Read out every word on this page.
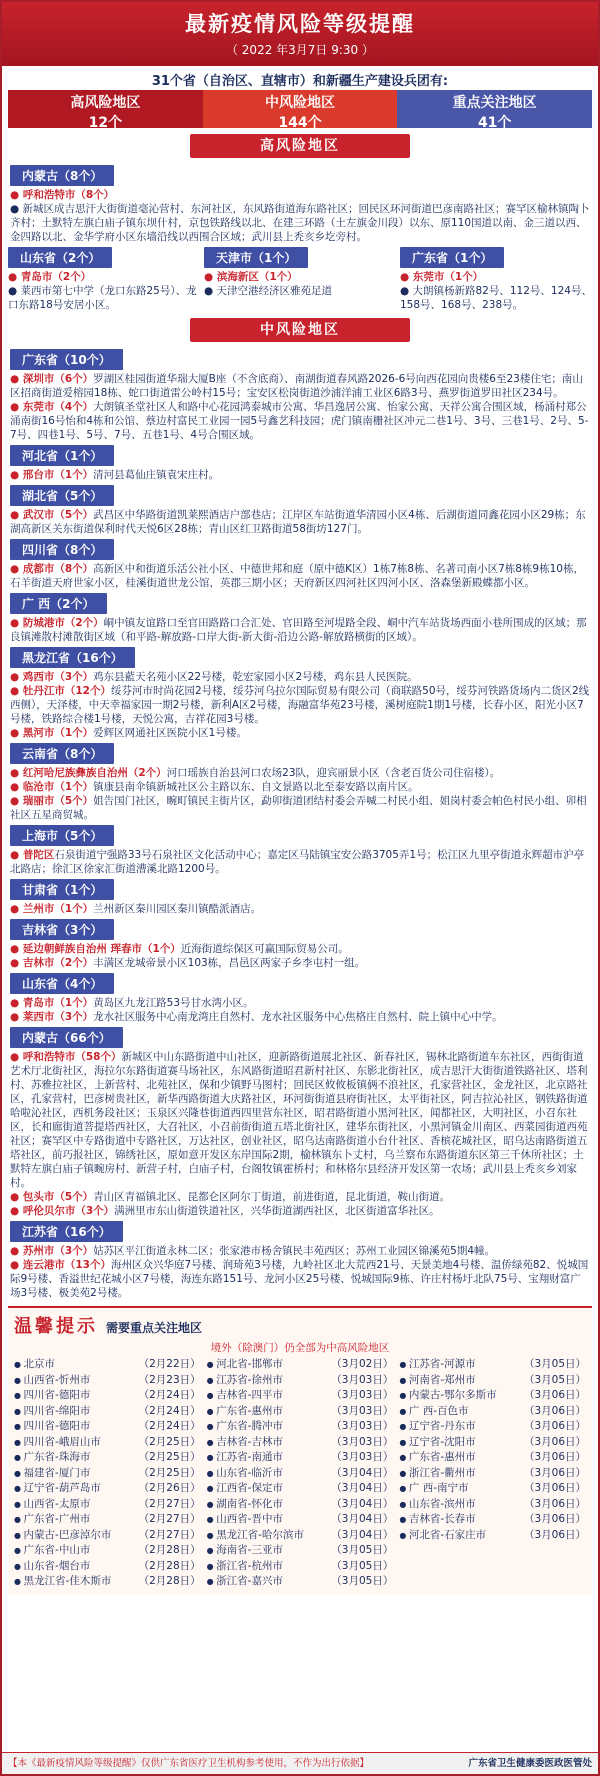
最新疫情风险等级提醒
（ 2022 年3月7日 9:30 ）
31个省（自治区、直辖市）和新疆生产建设兵团有:
高风险地区
12个
中风险地区
144个
重点关注地区
41个
高风险地区
内蒙古（8个）
● 呼和浩特市（8个）
● 新城区成吉思汗大街街道毫沁营村、东河社区，东风路街道海东路社区；回民区环河街道巴彦南路社区；赛罕区榆林镇陶卜齐村；土默特左旗白庙子镇东坝什村，京包铁路线以北、在建三环路（土左旗金川段）以东、原110国道以南、金三道以西、金四路以北、金华学府小区东墙沿线以西围合区域；武川县上秃亥乡圪旁村。
山东省（2个）
● 青岛市（2个）
● 莱西市第七中学（龙口东路25号）、龙口东路18号安居小区。
天津市（1个）
● 滨海新区（1个）
● 天津空港经济区雅苑足道
广东省（1个）
● 东莞市（1个）
● 大朗镇杨新路82号、112号、124号、158号、168号、238号。
中风险地区
广东省（10个）
● 深圳市（6个）罗湖区桂园街道华瑞大厦B座（不含底商）、南湖街道春风路2026-6号向西花园向贵楼6至23楼住宅；南山区招商街道爱榕园18栋、蛇口街道雷公岭村15号；宝安区松岗街道沙浦洋浦工业区6路3号、燕罗街道罗田社区234号。
● 东莞市（4个）大朗镇圣堂社区人和路中心花园鸿泰城市公寓、华昌逸居公寓、怡家公寓、天祥公寓合围区域，杨涌村郑公涌南街16号怡和4栋和公馆、蔡边村富民工业园一园5号鑫艺科技园；虎门镇南栅社区冲元二巷1号、3号、三巷1号、2号、5-7号、四巷1号、5号、7号、五巷1号、4号合围区域。
河北省（1个）
● 邢台市（1个）清河县葛仙庄镇袁宋庄村。
湖北省（5个）
● 武汉市（5个）武昌区中华路街道凯莱熙酒店户部巷店；江岸区车站街道华清园小区4栋、后湖街道同鑫花园小区29栋；东湖高新区关东街道保利时代天悦6区28栋；青山区红卫路街道58街坊127门。
四川省（8个）
● 成都市（8个）高新区中和街道乐活公社小区、中德世邦和庭（原中德K区）1栋7栋8栋、名著司南小区7栋8栋9栋10栋，石羊街道天府世家小区，桂溪街道世龙公馆，英郡三期小区；天府新区四河社区四河小区、洛森堡新殿蝶都小区。
广 西（2个）
● 防城港市（2个）峒中镇友谊路口至官田路路口合汇处、官田路至河堤路全段、峒中汽车站货场西面小巷所围成的区域；那良镇滩散村滩散街区域（和平路-解放路-口岸大街-新大街-沿边公路-解放路横街的区域）。
黑龙江省（16个）
● 鸡西市（3个）鸡东县藍天名苑小区22号楼，乾宏家园小区2号楼，鸡东县人民医院。
● 牡丹江市（12个）绥芬河市时尚花园2号楼，绥芬河乌拉尔国际贸易有限公司（商联路50号，绥芬河铁路货场内二货区2线西侧），天泽楼，中天幸福家园一期2号楼，新利A区2号楼，海融富华苑23号楼，溪树庭院1期1号楼，长春小区，阳光小区7号楼，铁路综合楼1号楼，天悦公寓，吉祥花园3号楼。
● 黑河市（1个）爱辉区网通社区医院小区1号楼。
云南省（8个）
● 红河哈尼族彝族自治州（2个）河口瑶族自治县河口农场23队，迎宾丽景小区（含老百货公司住宿楼）。
● 临沧市（1个）镇康县南伞镇新城社区公主路以东、自文景路以北至泰安路以南片区。
● 瑞丽市（5个）姐告国门社区，畹町镇民主街片区，勐卯街道团结村委会弄喊二村民小组、姐岗村委会帕色村民小组、卯相社区五星商贸城。
上海市（5个）
● 普陀区石泉街道宁强路33号石泉社区文化活动中心；嘉定区马陆镇宝安公路3705弄1号；松江区九里亭街道永辉超市沪亭北路店；徐汇区徐家汇街道漕溪北路1200号。
甘肃省（1个）
● 兰州市（1个）兰州新区秦川园区秦川镇酷派酒店。
吉林省（3个）
● 延边朝鲜族自治州 珲春市（1个）近海街道综保区可赢国际贸易公司。
● 吉林市（2个）丰满区龙城帝景小区103栋，昌邑区两家子乡李屯村一组。
山东省（4个）
● 青岛市（1个）黄岛区九龙江路53号甘水湾小区。
● 莱西市（3个）龙水社区服务中心南龙湾庄自然村、龙水社区服务中心焦格庄自然村、院上镇中心中学。
内蒙古（66个）
● 呼和浩特市（58个）新城区中山东路街道中山社区，迎新路街道展北社区、新春社区，锡林北路街道车东社区，西街街道艺术厅北街社区，海拉尔东路街道赛马场社区，东风路街道昭君新村社区、东影北街社区，成吉思汗大街街道铁路社区、塔利村、苏雅拉社区，上新营村、北苑社区，保和少镇野马图村；回民区攸攸板镇俩不浪社区，孔家营社区，金龙社区，北京路社区，孔家营村，巴彦树贵社区，新华西路街道大庆路社区，环河街街道县府街社区，太平街社区，阿吉拉沁社区，钢铁路街道哈啦沁社区，西机务段社区；玉泉区兴隆巷街道西四里营东社区，昭君路街道小黑河社区，闻都社区，大明社区，小召东社区，长和廊街道菩提塔西社区，大召社区，小召前街街道五塔北街社区，建华东街社区，小黑河镇金川南区、西菜园街道西苑社区；赛罕区中专路街道中专路社区，万达社区，创业社区，昭乌达南路街道小台什社区、香槟花城社区，昭乌达南路街道五塔社区，前巧报社区，锦绣社区，原如意开发区东岸国际2期，榆林镇东卜丈村，乌兰察布东路街道东区第三千休所社区；土默特左旗白庙子镇畹房村、新营子村，白庙子村，台阁牧镇霍桥村；和林格尔县经济开发区第一农场；武川县上秃亥乡刘家村。
● 包头市（5个）青山区青福镇北区、昆都仑区阿尔丁街道，前进街道，昆北街道，鞍山街道。
● 呼伦贝尔市（3个）满洲里市东山街道铁道社区，兴华街道湖西社区，北区街道富华社区。
江苏省（16个）
● 苏州市（3个）姑苏区平江街道永林二区；张家港市杨舍镇民丰苑西区；苏州工业园区锦溪苑5期4幢。
● 连云港市（13个）海州区众兴华庭7号楼、润琦苑3号楼，九岭社区北大荒西21号、天景美地4号楼、温侨绿苑82、悦城国际9号楼、香溢世纪花城小区7号楼，海连东路151号、龙河小区25号楼、悦城国际9栋、许庄村杨圩北队75号、宝翔财富广场3号楼、极美苑2号楼。
温馨提示 需要重点关注地区
境外（除澳门）仍全部为中高风险地区
● 北京市	（2月22日）
● 山西省-忻州市	（2月23日）
● 四川省-德阳市	（2月24日）
● 四川省-绵阳市	（2月24日）
● 四川省-德阳市	（2月24日）
● 四川省-峨眉山市	（2月25日）
● 广东省-珠海市	（2月25日）
● 福建省-厦门市	（2月25日）
● 辽宁省-葫芦岛市	（2月26日）
● 山西省-太原市	（2月27日）
● 广东省-广州市	（2月27日）
● 内蒙古-巴彦淖尔市	（2月27日）
● 广东省-中山市	（2月28日）
● 山东省-烟台市	（2月28日）
● 黑龙江省-佳木斯市	（2月28日）
● 河北省-邯郸市	（3月02日）
● 江苏省-徐州市	（3月03日）
● 吉林省-四平市	（3月03日）
● 广东省-惠州市	（3月03日）
● 广东省-腾冲市	（3月03日）
● 吉林省-吉林市	（3月03日）
● 江苏省-南通市	（3月03日）
● 山东省-临沂市	（3月04日）
● 江西省-保定市	（3月04日）
● 湖南省-怀化市	（3月04日）
● 山西省-晋中市	（3月04日）
● 黑龙江省-哈尔滨市	（3月04日）
● 海南省-三亚市	（3月05日）
● 浙江省-杭州市	（3月05日）
● 浙江省-嘉兴市	（3月05日）
● 江苏省-河源市	（3月05日）
● 河南省-郑州市	（3月05日）
● 内蒙古-鄂尔多斯市	（3月06日）
● 广 西-百色市	（3月06日）
● 辽宁省-丹东市	（3月06日）
● 辽宁省-沈阳市	（3月06日）
● 广东省-惠州市	（3月06日）
● 浙江省-衢州市	（3月06日）
● 广 西-南宁市	（3月06日）
● 山东省-滨州市	（3月06日）
● 吉林省-长春市	（3月06日）
● 河北省-石家庄市	（3月06日）
【本《最新疫情风险等级提醒》仅供广东省医疗卫生机构参考使用，不作为出行依据】	广东省卫生健康委医政医管处
